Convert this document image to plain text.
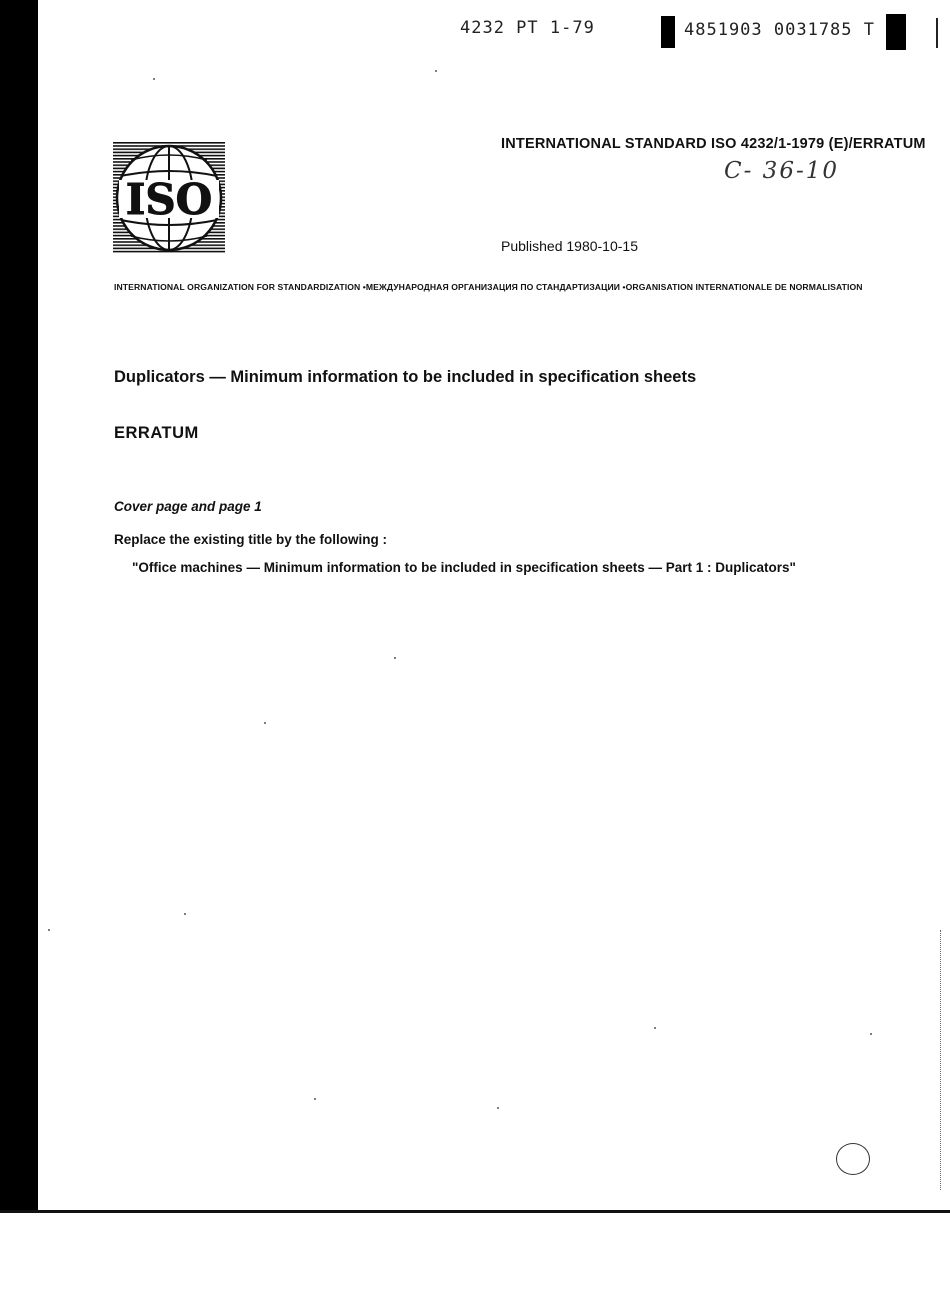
4232 PT 1-79	4851903 0031785 T
ISO
INTERNATIONAL STANDARD ISO 4232/1-1979 (E)/ERRATUM
C- 36-10
Published 1980-10-15
INTERNATIONAL ORGANIZATION FOR STANDARDIZATION •МЕЖДУНАРОДНАЯ ОРГАНИЗАЦИЯ ПО СТАНДАРТИЗАЦИИ •ORGANISATION INTERNATIONALE DE NORMALISATION
Duplicators — Minimum information to be included in specification sheets
ERRATUM
Cover page and page 1
Replace the existing title by the following :
"Office machines — Minimum information to be included in specification sheets — Part 1 : Duplicators"
